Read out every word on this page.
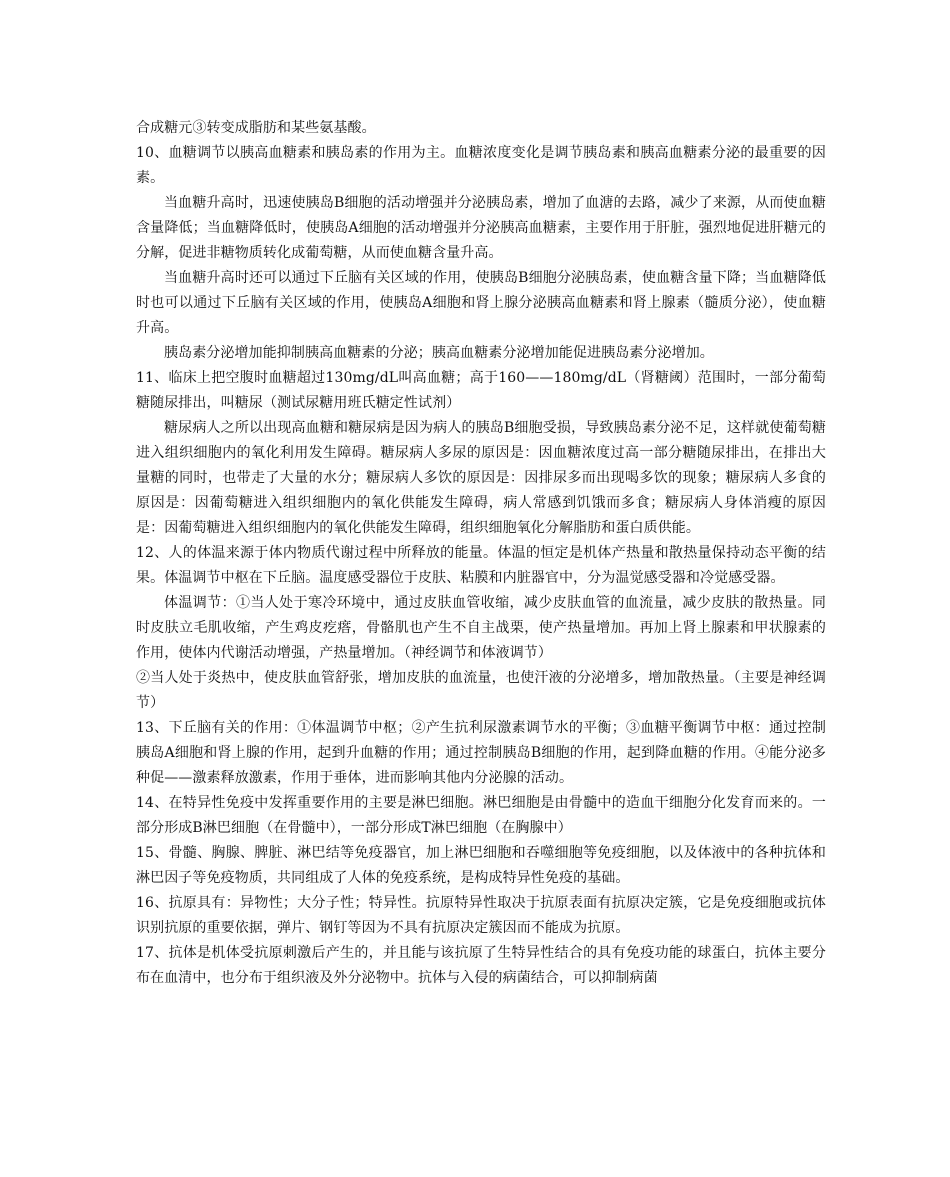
合成糖元③转变成脂肪和某些氨基酸。

10、血糖调节以胰高血糖素和胰岛素的作用为主。血糖浓度变化是调节胰岛素和胰高血糖素分泌的最重要的因素。

当血糖升高时，迅速使胰岛B细胞的活动增强并分泌胰岛素，增加了血溏的去路，减少了来源，从而使血糖含量降低；当血糖降低时，使胰岛A细胞的活动增强并分泌胰高血糖素，主要作用于肝脏，强烈地促进肝糖元的分解，促进非糖物质转化成葡萄糖，从而使血糖含量升高。

当血糖升高时还可以通过下丘脑有关区域的作用，使胰岛B细胞分泌胰岛素，使血糖含量下降；当血糖降低时也可以通过下丘脑有关区域的作用，使胰岛A细胞和肾上腺分泌胰高血糖素和肾上腺素（髓质分泌），使血糖升高。

胰岛素分泌增加能抑制胰高血糖素的分泌；胰高血糖素分泌增加能促进胰岛素分泌增加。

11、临床上把空腹时血糖超过130mg/dL叫高血糖；高于160——180mg/dL（肾糖阈）范围时，一部分葡萄糖随尿排出，叫糖尿（测试尿糖用班氏糖定性试剂）

糖尿病人之所以出现高血糖和糖尿病是因为病人的胰岛B细胞受损，导致胰岛素分泌不足，这样就使葡萄糖进入组织细胞内的氧化利用发生障碍。糖尿病人多尿的原因是：因血糖浓度过高一部分糖随尿排出，在排出大量糖的同时，也带走了大量的水分；糖尿病人多饮的原因是：因排尿多而出现喝多饮的现象；糖尿病人多食的原因是：因葡萄糖进入组织细胞内的氧化供能发生障碍，病人常感到饥饿而多食；糖尿病人身体消瘦的原因是：因葡萄糖进入组织细胞内的氧化供能发生障碍，组织细胞氧化分解脂肪和蛋白质供能。

12、人的体温来源于体内物质代谢过程中所释放的能量。体温的恒定是机体产热量和散热量保持动态平衡的结果。体温调节中枢在下丘脑。温度感受器位于皮肤、粘膜和内脏器官中，分为温觉感受器和冷觉感受器。

体温调节：①当人处于寒冷环境中，通过皮肤血管收缩，减少皮肤血管的血流量，减少皮肤的散热量。同时皮肤立毛肌收缩，产生鸡皮疙瘩，骨骼肌也产生不自主战栗，使产热量增加。再加上肾上腺素和甲状腺素的作用，使体内代谢活动增强，产热量增加。（神经调节和体液调节）

②当人处于炎热中，使皮肤血管舒张，增加皮肤的血流量，也使汗液的分泌增多，增加散热量。（主要是神经调节）

13、下丘脑有关的作用：①体温调节中枢；②产生抗利尿激素调节水的平衡；③血糖平衡调节中枢：通过控制胰岛A细胞和肾上腺的作用，起到升血糖的作用；通过控制胰岛B细胞的作用，起到降血糖的作用。④能分泌多种促——激素释放激素，作用于垂体，进而影响其他内分泌腺的活动。

14、在特异性免疫中发挥重要作用的主要是淋巴细胞。淋巴细胞是由骨髓中的造血干细胞分化发育而来的。一部分形成B淋巴细胞（在骨髓中），一部分形成T淋巴细胞（在胸腺中）

15、骨髓、胸腺、脾脏、淋巴结等免疫器官，加上淋巴细胞和吞噬细胞等免疫细胞，以及体液中的各种抗体和淋巴因子等免疫物质，共同组成了人体的免疫系统，是构成特异性免疫的基础。

16、抗原具有：异物性；大分子性；特异性。抗原特异性取决于抗原表面有抗原决定簇，它是免疫细胞或抗体识别抗原的重要依据，弹片、钢钉等因为不具有抗原决定簇因而不能成为抗原。

17、抗体是机体受抗原刺激后产生的，并且能与该抗原了生特异性结合的具有免疫功能的球蛋白，抗体主要分布在血清中，也分布于组织液及外分泌物中。抗体与入侵的病菌结合，可以抑制病菌
